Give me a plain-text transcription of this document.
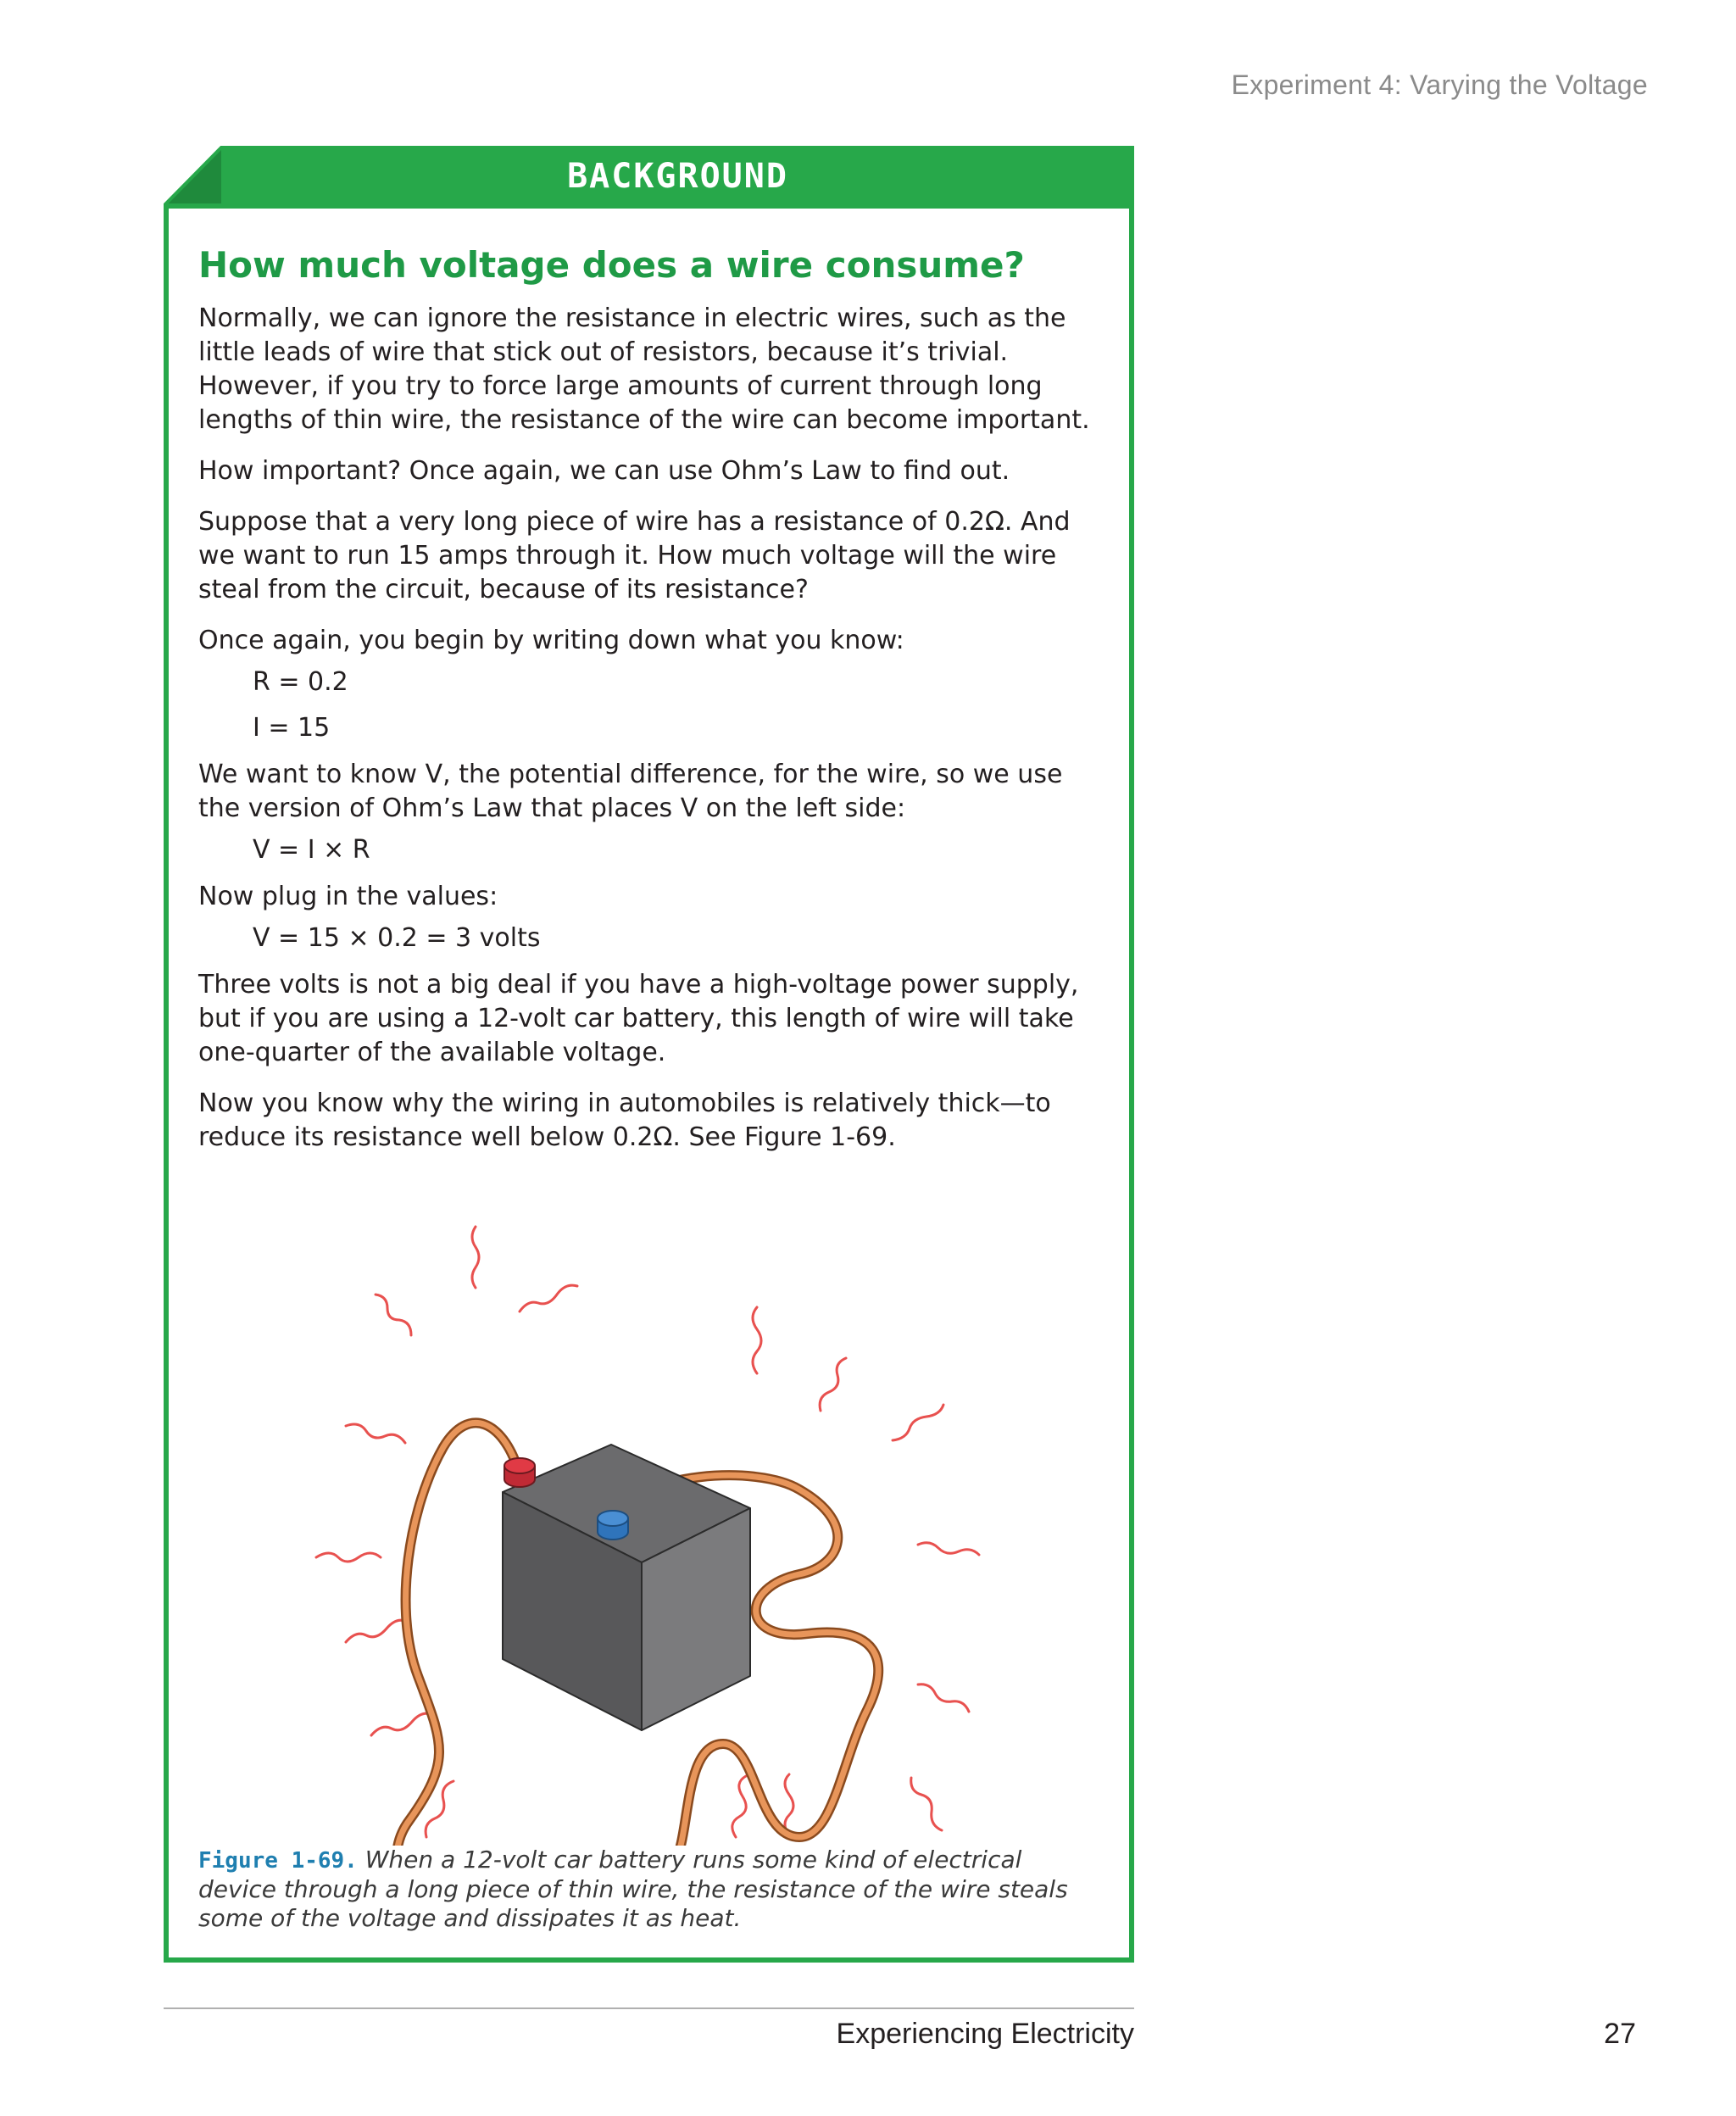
Experiment 4: Varying the Voltage
BACKGROUND
How much voltage does a wire consume?

Normally, we can ignore the resistance in electric wires, such as the little leads of wire that stick out of resistors, because it’s trivial. However, if you try to force large amounts of current through long lengths of thin wire, the resistance of the wire can become important.

How important? Once again, we can use Ohm’s Law to find out.

Suppose that a very long piece of wire has a resistance of 0.2Ω. And we want to run 15 amps through it. How much voltage will the wire steal from the circuit, because of its resistance?

Once again, you begin by writing down what you know:

R = 0.2
I = 15

We want to know V, the potential difference, for the wire, so we use the version of Ohm’s Law that places V on the left side:

V = I × R

Now plug in the values:

V = 15 × 0.2 = 3 volts

Three volts is not a big deal if you have a high-voltage power supply, but if you are using a 12-volt car battery, this length of wire will take one-quarter of the available voltage.

Now you know why the wiring in automobiles is relatively thick—to reduce its resistance well below 0.2Ω. See Figure 1-69.

Figure 1-69. When a 12-volt car battery runs some kind of electrical device through a long piece of thin wire, the resistance of the wire steals some of the voltage and dissipates it as heat.
Experiencing Electricity	27
